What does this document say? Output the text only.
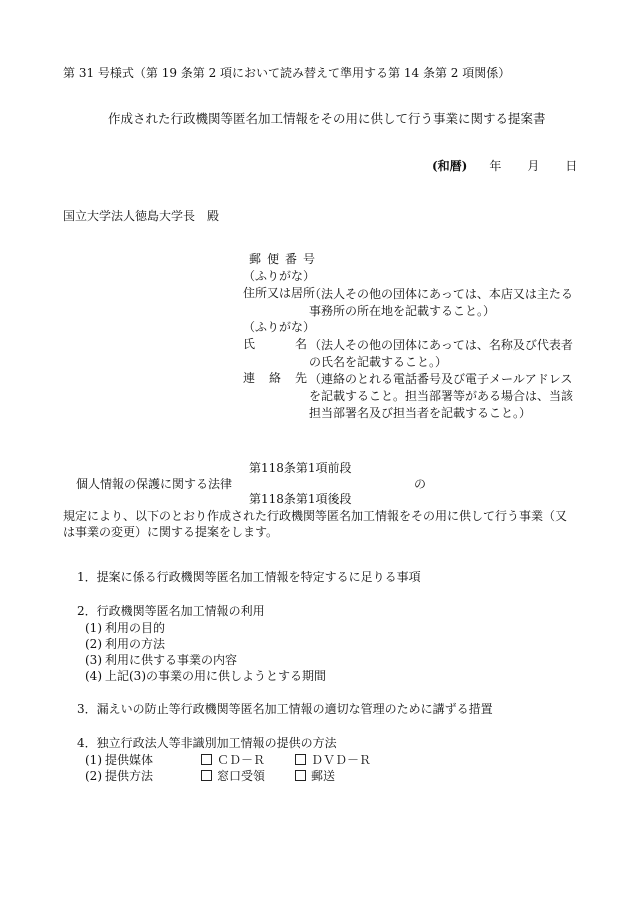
第 31 号様式（第 19 条第 2 項において読み替えて準用する第 14 条第 2 項関係）
作成された行政機関等匿名加工情報をその用に供して行う事業に関する提案書
(和暦) 年 月 日
国立大学法人徳島大学長　殿
郵便番号
（ふりがな）
住所又は居所
（法人その他の団体にあっては、本店又は主たる事務所の所在地を記載すること。）
（ふりがな）
氏	名 （法人その他の団体にあっては、名称及び代表者の氏名を記載すること。）
連 絡 先 （連絡のとれる電話番号及び電子メールアドレスを記載すること。担当部署等がある場合は、当該担当部署名及び担当者を記載すること。）
第118条第1項前段
個人情報の保護に関する法律	の
第118条第1項後段
規定により、以下のとおり作成された行政機関等匿名加工情報をその用に供して行う事業（又は事業の変更）に関する提案をします。
1．提案に係る行政機関等匿名加工情報を特定するに足りる事項
2．行政機関等匿名加工情報の利用
(1) 利用の目的
(2) 利用の方法
(3) 利用に供する事業の内容
(4) 上記(3)の事業の用に供しようとする期間
3．漏えいの防止等行政機関等匿名加工情報の適切な管理のために講ずる措置
4．独立行政法人等非識別加工情報の提供の方法
(1) 提供媒体	ＣＤ－Ｒ	ＤＶＤ－Ｒ
(2) 提供方法	窓口受領	郵送
